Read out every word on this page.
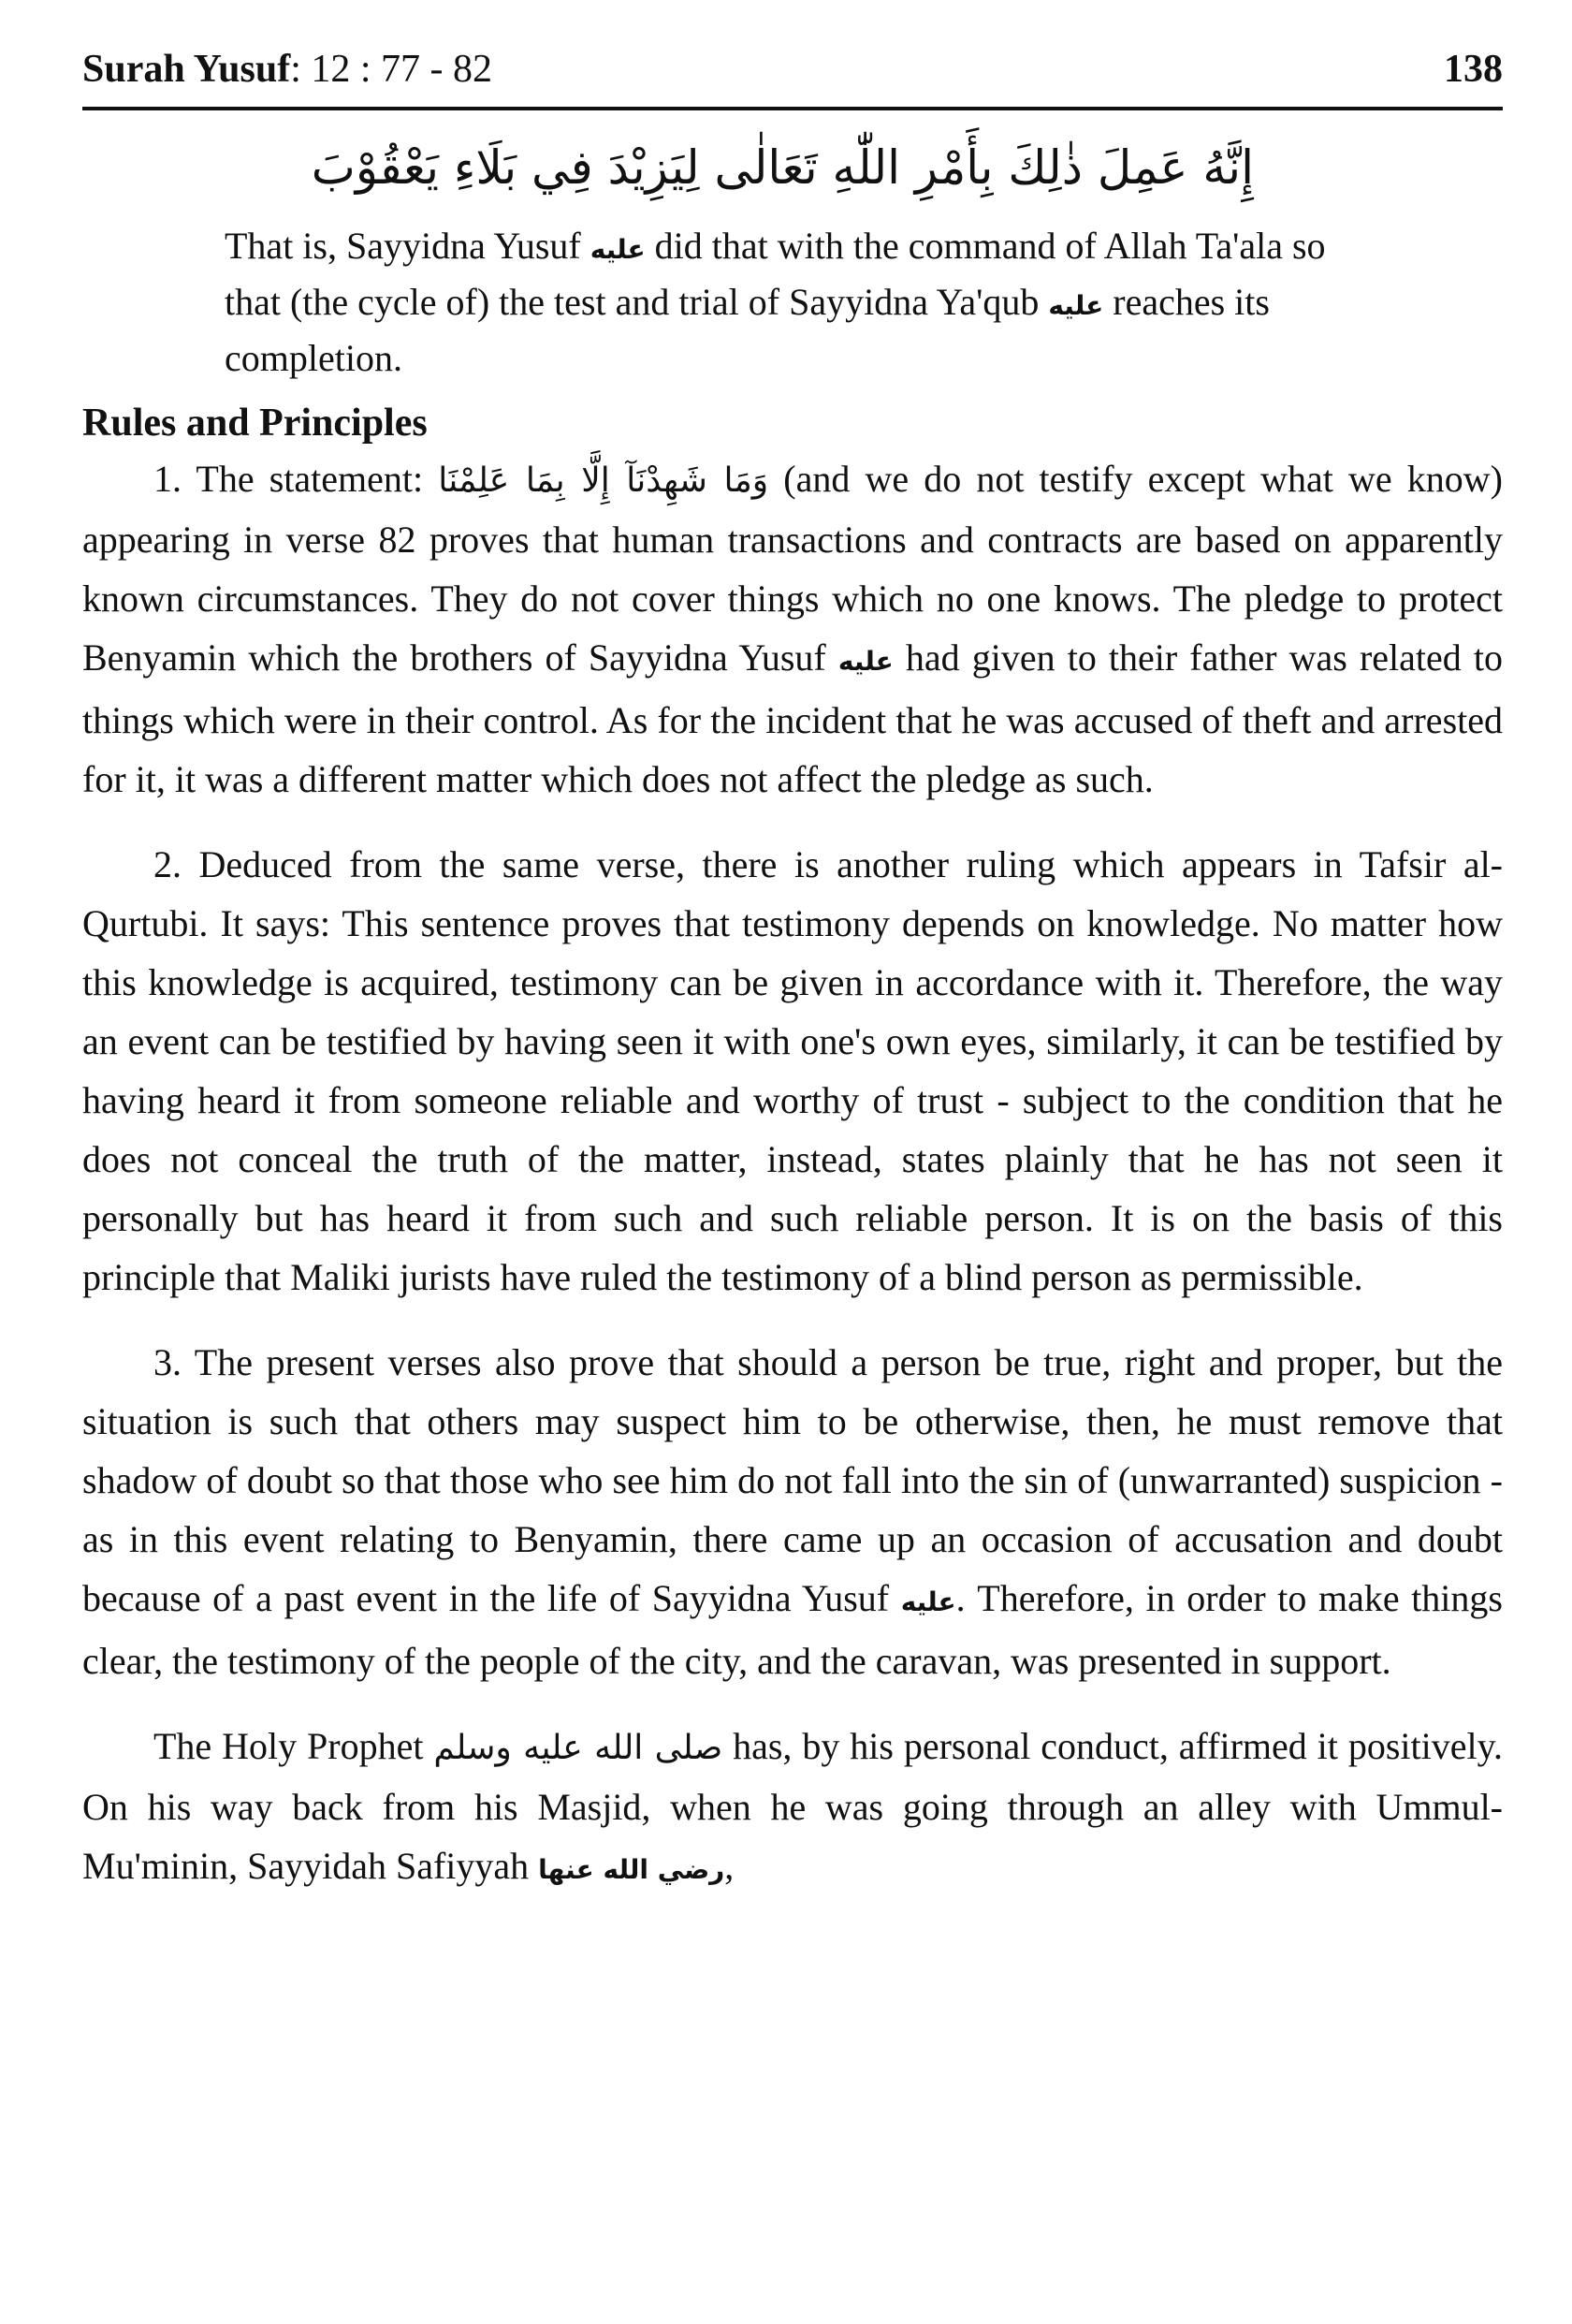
Surah Yusuf: 12 : 77 - 82	138
إِنَّهُ عَمِلَ ذٰلِكَ بِأَمْرِ اللّٰهِ تَعَالٰى لِيَزِيْدَ فِي بَلَاءِ يَعْقُوْبَ

That is, Sayyidna Yusuf عليه did that with the command of Allah Ta'ala so that (the cycle of) the test and trial of Sayyidna Ya'qub عليه reaches its completion.

Rules and Principles

1. The statement: وَمَا شَهِدْنَآ إِلَّا بِمَا عَلِمْنَا (and we do not testify except what we know) appearing in verse 82 proves that human transactions and contracts are based on apparently known circumstances. They do not cover things which no one knows. The pledge to protect Benyamin which the brothers of Sayyidna Yusuf عليه had given to their father was related to things which were in their control. As for the incident that he was accused of theft and arrested for it, it was a different matter which does not affect the pledge as such.

2. Deduced from the same verse, there is another ruling which appears in Tafsir al-Qurtubi. It says: This sentence proves that testimony depends on knowledge. No matter how this knowledge is acquired, testimony can be given in accordance with it. Therefore, the way an event can be testified by having seen it with one's own eyes, similarly, it can be testified by having heard it from someone reliable and worthy of trust - subject to the condition that he does not conceal the truth of the matter, instead, states plainly that he has not seen it personally but has heard it from such and such reliable person. It is on the basis of this principle that Maliki jurists have ruled the testimony of a blind person as permissible.

3. The present verses also prove that should a person be true, right and proper, but the situation is such that others may suspect him to be otherwise, then, he must remove that shadow of doubt so that those who see him do not fall into the sin of (unwarranted) suspicion - as in this event relating to Benyamin, there came up an occasion of accusation and doubt because of a past event in the life of Sayyidna Yusuf عليه. Therefore, in order to make things clear, the testimony of the people of the city, and the caravan, was presented in support.

The Holy Prophet صلى الله عليه وسلم has, by his personal conduct, affirmed it positively. On his way back from his Masjid, when he was going through an alley with Ummul-Mu'minin, Sayyidah Safiyyah رضي الله عنها,
